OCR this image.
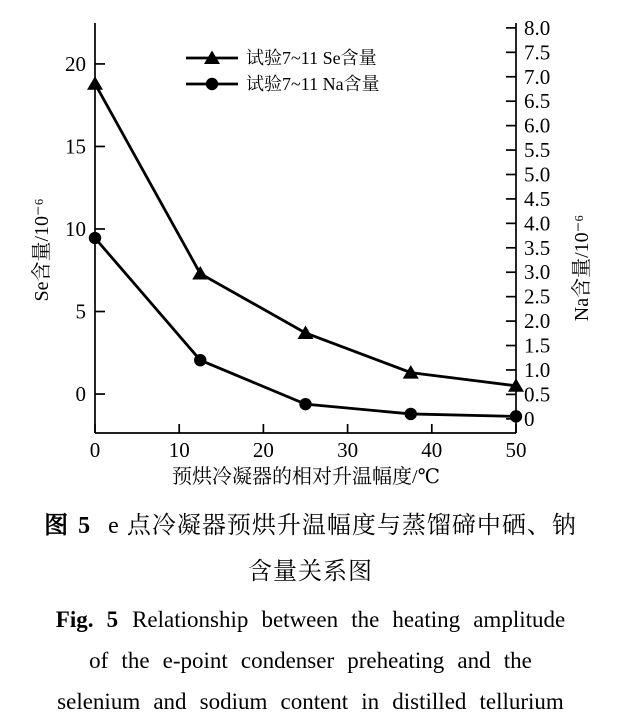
0
5
10
15
20
0
0.5
1.0
1.5
2.0
2.5
3.0
3.5
4.0
4.5
5.0
5.5
6.0
6.5
7.0
7.5
8.0
0	10	20	30	40	50
Se含量/10⁻⁶	Na含量/10⁻⁶
预烘冷凝器的相对升温幅度/℃
试验7~11 Se含量
试验7~11 Na含量
图 5 e 点冷凝器预烘升温幅度与蒸馏碲中硒、钠
含量关系图
Fig. 5 Relationship between the heating amplitude
of the e-point condenser preheating and the
selenium and sodium content in distilled tellurium
